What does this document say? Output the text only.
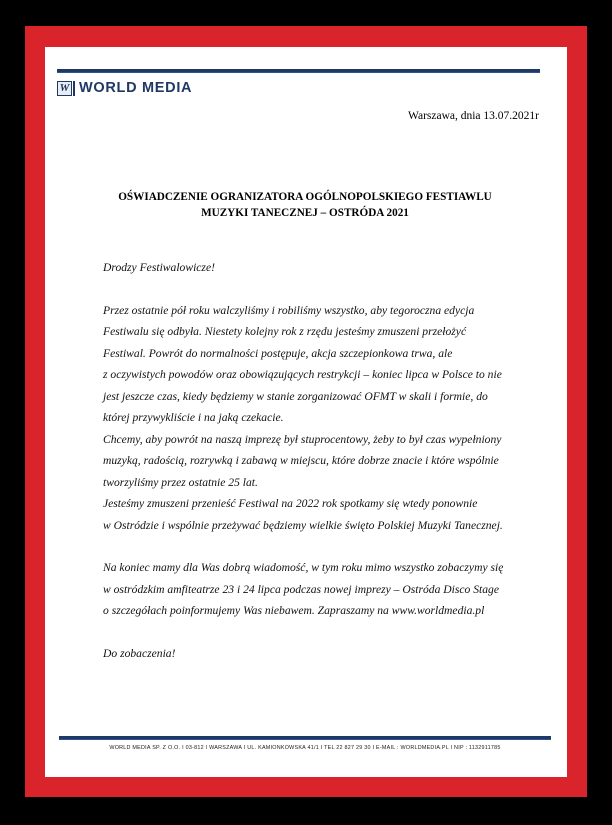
W WORLD MEDIA
Warszawa, dnia 13.07.2021r
OŚWIADCZENIE OGRANIZATORA OGÓLNOPOLSKIEGO FESTIAWLU
MUZYKI TANECZNEJ – OSTRÓDA 2021

Drodzy Festiwalowicze!

Przez ostatnie pół roku walczyliśmy i robiliśmy wszystko, aby tegoroczna edycja

Festiwalu się odbyła. Niestety kolejny rok z rzędu jesteśmy zmuszeni przełożyć

Festiwal. Powrót do normalności postępuje, akcja szczepionkowa trwa, ale

z oczywistych powodów oraz obowiązujących restrykcji – koniec lipca w Polsce to nie

jest jeszcze czas, kiedy będziemy w stanie zorganizować OFMT w skali i formie, do

której przywykliście i na jaką czekacie.

Chcemy, aby powrót na naszą imprezę był stuprocentowy, żeby to był czas wypełniony

muzyką, radością, rozrywką i zabawą w miejscu, które dobrze znacie i które wspólnie

tworzyliśmy przez ostatnie 25 lat.

Jesteśmy zmuszeni przenieść Festiwal na 2022 rok spotkamy się wtedy ponownie

w Ostródzie i wspólnie przeżywać będziemy wielkie święto Polskiej Muzyki Tanecznej.

Na koniec mamy dla Was dobrą wiadomość, w tym roku mimo wszystko zobaczymy się

w ostródzkim amfiteatrze 23 i 24 lipca podczas nowej imprezy – Ostróda Disco Stage

o szczegółach poinformujemy Was niebawem. Zapraszamy na www.worldmedia.pl

Do zobaczenia!

WORLD MEDIA SP. Z O.O. I 03-812 I WARSZAWA I UL. KAMIONKOWSKA 41/1 I TEL 22 827 29 30 I E-MAIL : WORLDMEDIA.PL I NIP : 1132911785
